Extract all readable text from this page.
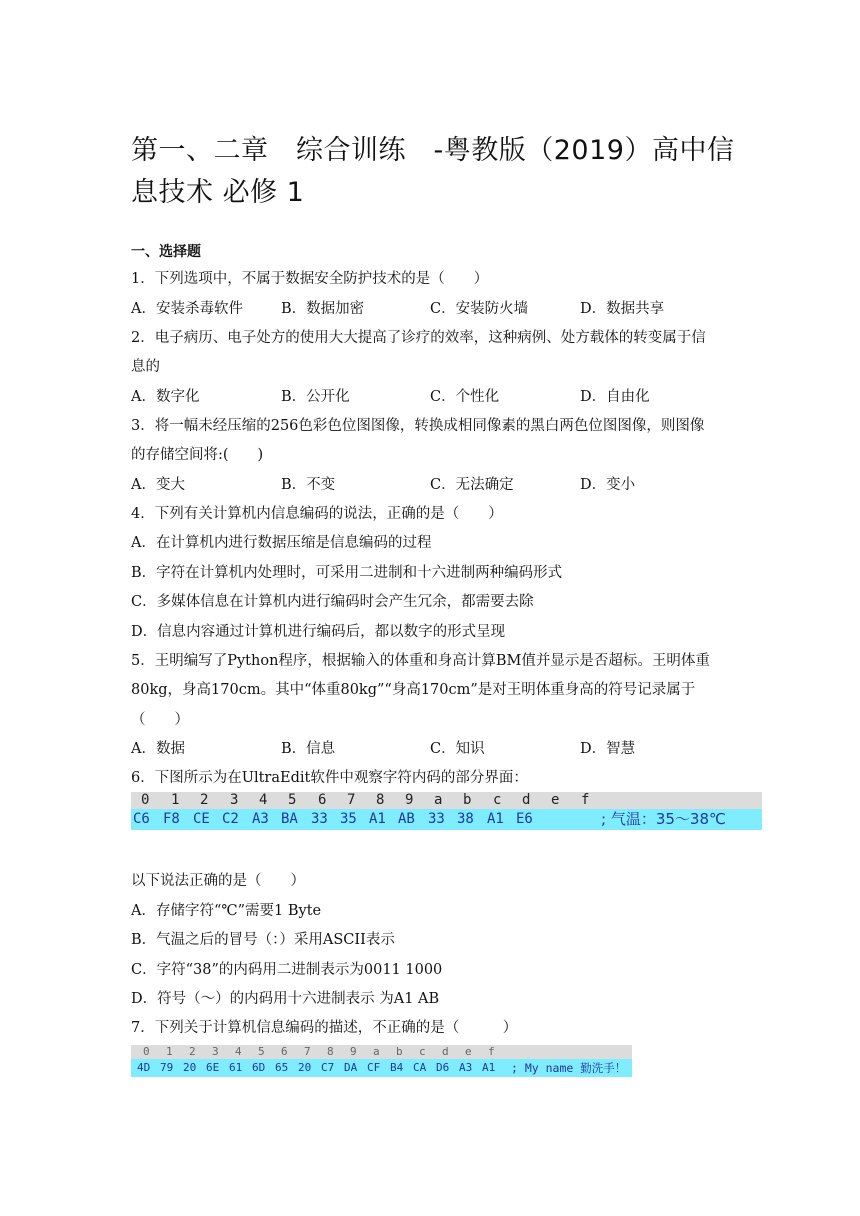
第一、二章　综合训练　-粤教版（2019）高中信息技术 必修 1
一、选择题
1．下列选项中，不属于数据安全防护技术的是（　　）
A．安装杀毒软件	B．数据加密	C．安装防火墙	D．数据共享
2．电子病历、电子处方的使用大大提高了诊疗的效率，这种病例、处方载体的转变属于信
息的
A．数字化	B．公开化	C．个性化	D．自由化
3．将一幅未经压缩的256色彩色位图图像，转换成相同像素的黑白两色位图图像，则图像
的存储空间将:(　　)
A．变大	B．不变	C．无法确定	D．变小
4．下列有关计算机内信息编码的说法，正确的是（　　）
A．在计算机内进行数据压缩是信息编码的过程
B．字符在计算机内处理时，可采用二进制和十六进制两种编码形式
C．多媒体信息在计算机内进行编码时会产生冗余，都需要去除
D．信息内容通过计算机进行编码后，都以数字的形式呈现
5．王明编写了Python程序，根据输入的体重和身高计算BM值并显示是否超标。王明体重
80kg，身高170cm。其中“体重80kg”“身高170cm”是对王明体重身高的符号记录属于
（　　）
A．数据	B．信息	C．知识	D．智慧
6．下图所示为在UltraEdit软件中观察字符内码的部分界面：
0 1 2 3 4 5 6 7 8 9 a b c d e f
C6 F8 CE C2 A3 BA 33 35 A1 AB 33 38 A1 E6	; 气温：35～38℃
以下说法正确的是（　　）
A．存储字符“℃”需要1 Byte
B．气温之后的冒号（：）采用ASCII表示
C．字符“38”的内码用二进制表示为0011 1000
D．符号（～）的内码用十六进制表示 为A1 AB
7．下列关于计算机信息编码的描述，不正确的是（　　　）
0 1 2 3 4 5 6 7 8 9 a b c d e f
4D 79 20 6E 61 6D 65 20 C7 DA CF B4 CA D6 A3 A1 ; My name 勤洗手！
